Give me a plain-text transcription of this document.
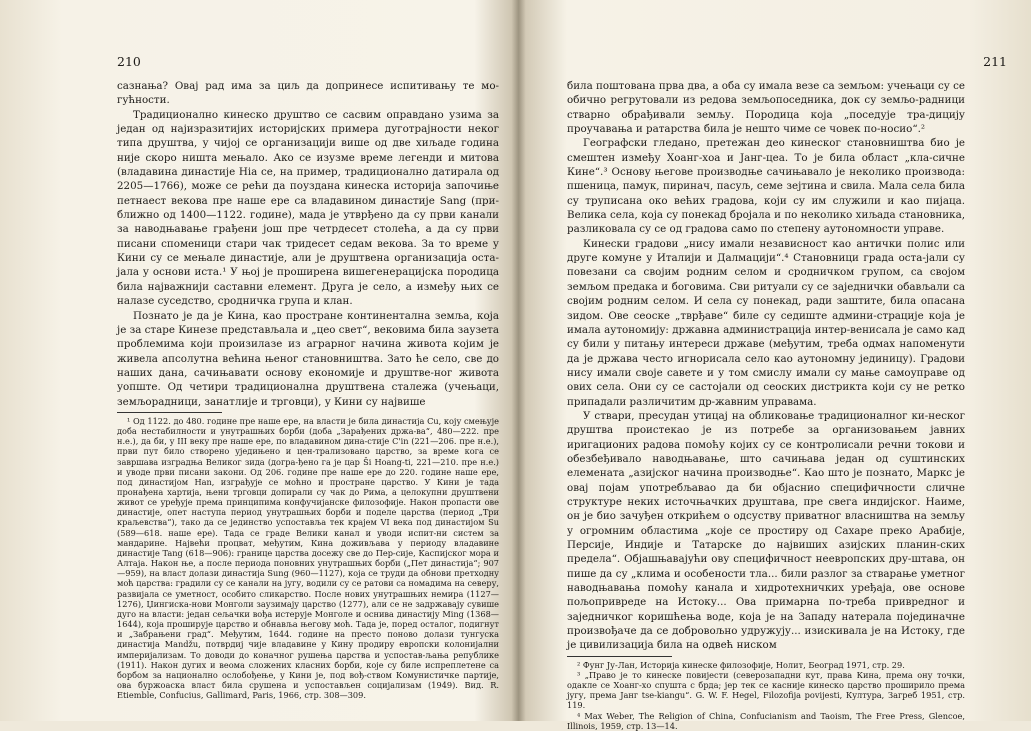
210

сазнања? Овај рад има за циљ да допринесе испитивању те мо-гућности.

Традиционално кинеско друштво се сасвим оправдано узима за један од најизразитијих историјских примера дуготрајности неког типа друштва, у чијој се организацији више од две хиљаде година није скоро ништа мењало. Ако се изузме време легенди и митова (владавина династије Hia се, на пример, традиционално датирала од 2205—1766), може се рећи да поуздана кинеска историја започиње петнаест векова пре наше ере са владавином династије Sang (при-ближно од 1400—1122. године), мада је утврђено да су први канали за наводњавање грађени још пре четрдесет столећа, а да су први писани споменици стари чак тридесет седам векова. За то време у Кини су се мењале династије, али је друштвена организација оста-јала у основи иста.¹ У њој је проширена вишегенерацијска породица била најважнији саставни елемент. Друга је село, а између њих се налазе суседство, сродничка група и клан.

Познато је да је Кина, као простране континентална земља, која је за старе Кинезе представљала и „цео свет“, вековима била заузета проблемима који произилазе из аграрног начина живота којим је живела апсолутна већина њеног становништва. Зато ће село, све до наших дана, сачињавати основу економије и друштве-ног живота уопште. Од четири традиционална друштвена сталежа (учењаци, земљорадници, занатлије и трговци), у Кини су највише

¹ Од 1122. до 480. године пре наше ере, на власти је била династија Cu, коју смењује доба нестабилности и унутрашњих борби (доба „Зарађених држа-ва“, 480—222. пре н.е.), да би, у III веку пре наше ере, по владавином дина-стије C'in (221—206. пре н.е.), први пут било створено уједињено и цен-трализовано царство, за време кога се завршава изградња Великог зида (догра-ђено га је цар Ši Hoang-ti, 221—210. пре н.е.) и уводе први писани закони. Од 206. године пре наше ере до 220. године наше ере, под династијом Han, изграђује се моћно и простране царство. У Кини је тада пронађена хартија, њени трговци допирали су чак до Рима, а целокупни друштвени живот се уређује према принципима конфучијанске филозофије. Након пропасти ове династије, опет наступа период унутрашњих борби и поделе царства (период „Три краљевства“), тако да се јединство успоставља тек крајем VI века под династијом Su (589—618. наше ере). Тада се граде Велики канал и уводи испит-ни систем за мандарине. Највећи процват, међутим, Кина доживљава у периоду владавине династије Tang (618—906): границе царства досежу све до Пер-сије, Каспијског мора и Алтаја. Након ње, а после периода поновних унутрашњих борби („Пет династија“; 907—959), на власт долази династија Sung (960—1127), која се труди да обнови претходну моћ царства: градили су се канали на југу, водили су се ратови са номадима на северу, развијала се уметност, особито сликарство. После нових унутрашњих немира (1127—1276), Џингиска-нови Монголи заузимају царство (1277), али се не задржавају сувише дуго на власти: један сељачки вођа истерује Монголе и оснива династију Ming (1368—1644), која проширује царство и обнавља његову моћ. Тада је, поред осталог, подигнут и „Забрањени град“. Међутим, 1644. године на престо поново долази тунгуска династија Mandžu, потврдиј чије владавине у Кину продиру европски колонијални империјализам. То доводи до коначног рушења царства и успостав-љања републике (1911). Након дугих и веома сложених класних борби, које су биле испреплетене са борбом за национално ослобођење, у Кини је, под вођ-ством Комунистичке партије, ова буржоаска власт била срушена и успостављен социјализам (1949). Вид. R. Etiemble, Confucius, Gallimard, Paris, 1966, стр. 308—309.

211

била поштована прва два, а оба су имала везе са земљом: учењаци су се обично регрутовали из редова земљопоседника, док су земљо-радници стварно обрађивали земљу. Породица која „поседује тра-дицију проучавања и ратарства била је нешто чиме се човек по-носио“.²

Географски гледано, претежан део кинеског становништва био је смештен између Хоанг-хоа и Јанг-цеа. То је била област „кла-сичне Кине“.³ Основу његове производње сачињавало је неколико производа: пшеница, памук, пиринач, пасуљ, семе зејтина и свила. Мала села била су труписана око већих градова, који су им служили и као пијаца. Велика села, која су понекад бројала и по неколико хиљада становника, разликовала су се од градова само по степену аутономности управе.

Кинески градови „нису имали независност као антички полис или друге комуне у Италији и Далмацији“.⁴ Становници града оста-јали су повезани са својим родним селом и сродничком групом, са својом земљом предака и боговима. Сви ритуали су се заједнички обављали са својим родним селом. И села су понекад, ради заштите, била опасана зидом. Ове сеоске „тврђаве“ биле су седиште админи-страције која је имала аутономију: државна администрација интер-венисала је само кад су били у питању интереси државе (међутим, треба одмах напоменути да је држава често игнорисала село као аутономну јединицу). Градови нису имали своје савете и у том смислу имали су мање самоуправе од ових села. Они су се састојали од сеоских дистрикта који су не ретко припадали различитим др-жавним управама.

У ствари, пресудан утицај на обликовање традиционалног ки-неског друштва проистекао је из потребе за организовањем јавних иригационих радова помоћу којих су се контролисали речни токови и обезбеђивало наводњавање, што сачињава један од суштинских елемената „азијског начина производње“. Као што је познато, Маркс је овај појам употребљавао да би објаснио специфичности сличне структуре неких источњачких друштава, пре свега индијског. Наиме, он је био зачуђен открићем о одсуству приватног власништва на земљу у огромним областима „које се простиру од Сахаре преко Арабије, Персије, Индије и Татарске до највиших азијских планин-ских предела“. Објашњавајући ову специфичност неевропских дру-штава, он пише да су „клима и особености тла... били разлог за стварање уметног наводњавања помоћу канала и хидротехничких уређаја, ове основе пољопривреде на Истоку... Ова примарна по-треба привредног и заједничког коришћења воде, која је на Западу натерала појединачне произвођаче да се добровољно удружују... изискивала је на Истоку, где је цивилизација била на одвећ ниском

² Фунг Ју-Лан, Историја кинеске филозофије, Нолит, Београд 1971, стр. 29.

³ „Право је то кинеске повијести (северозападни кут, права Кина, према ону точки, одакле се Хоанг-хо спушта с брда; јер тек се касније кинеско царство проширило према југу, према Јанг tse-kiangu“. G. W. F. Hegel, Filozofija povijesti, Култура, Загреб 1951, стр. 119.

⁴ Max Weber, The Religion of China, Confucianism and Taoism, The Free Press, Glencoe, Illinois, 1959, стр. 13—14.
